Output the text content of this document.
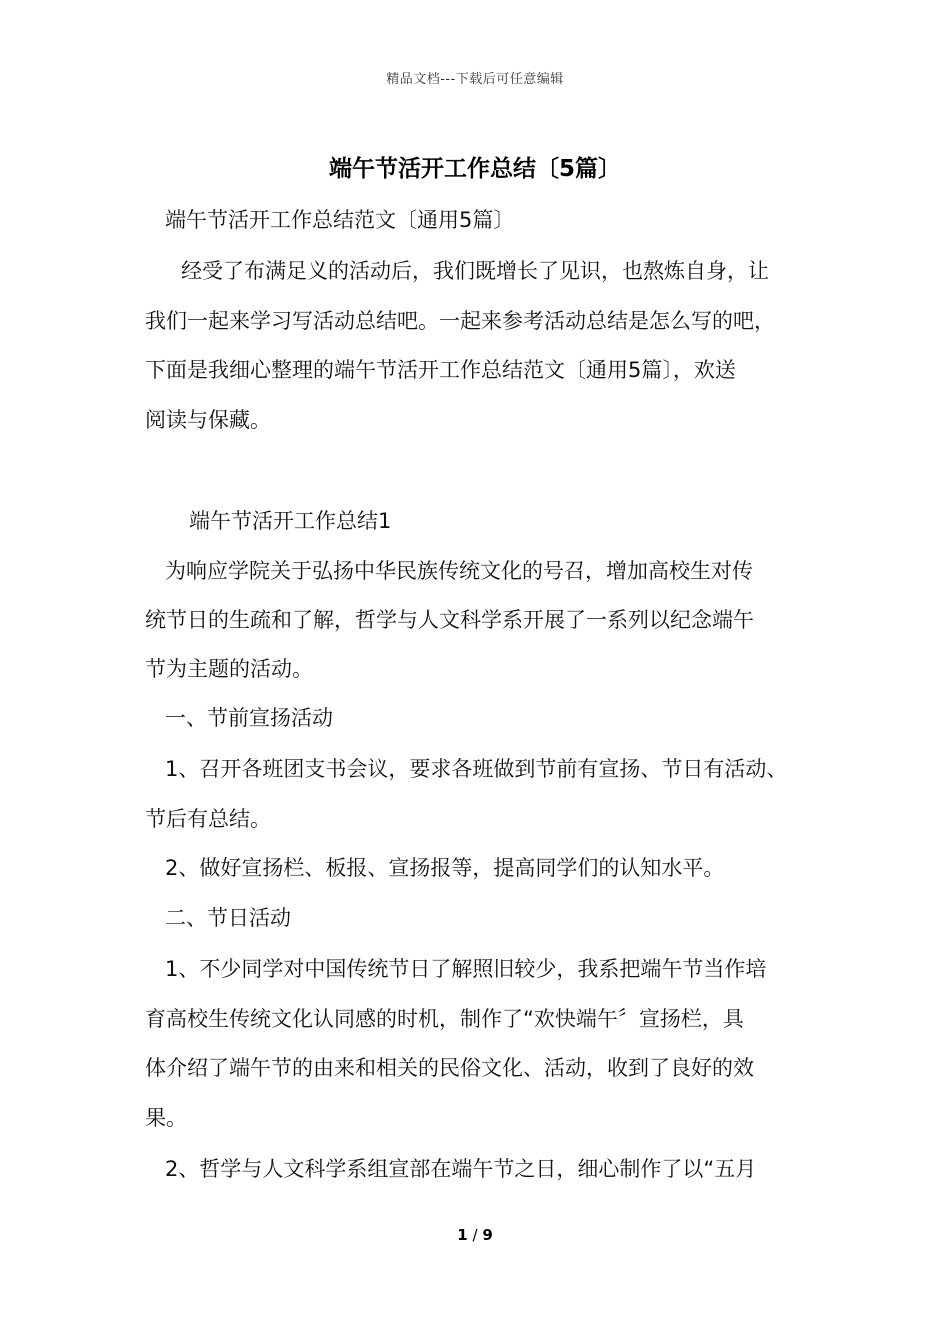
精品文档---下载后可任意编辑
端午节活开工作总结〔5篇〕
端午节活开工作总结范文〔通用5篇〕
经受了布满足义的活动后，我们既增长了见识，也熬炼自身，让
我们一起来学习写活动总结吧。一起来参考活动总结是怎么写的吧，
下面是我细心整理的端午节活开工作总结范文〔通用5篇〕，欢送
阅读与保藏。
端午节活开工作总结1
为响应学院关于弘扬中华民族传统文化的号召，增加高校生对传
统节日的生疏和了解，哲学与人文科学系开展了一系列以纪念端午
节为主题的活动。
一、节前宣扬活动
1、召开各班团支书会议，要求各班做到节前有宣扬、节日有活动、
节后有总结。
2、做好宣扬栏、板报、宣扬报等，提高同学们的认知水平。
二、节日活动
1、不少同学对中国传统节日了解照旧较少，我系把端午节当作培
育高校生传统文化认同感的时机，制作了“欢快端午〞宣扬栏，具
体介绍了端午节的由来和相关的民俗文化、活动，收到了良好的效
果。
2、哲学与人文科学系组宣部在端午节之日，细心制作了以“五月
1 / 9
